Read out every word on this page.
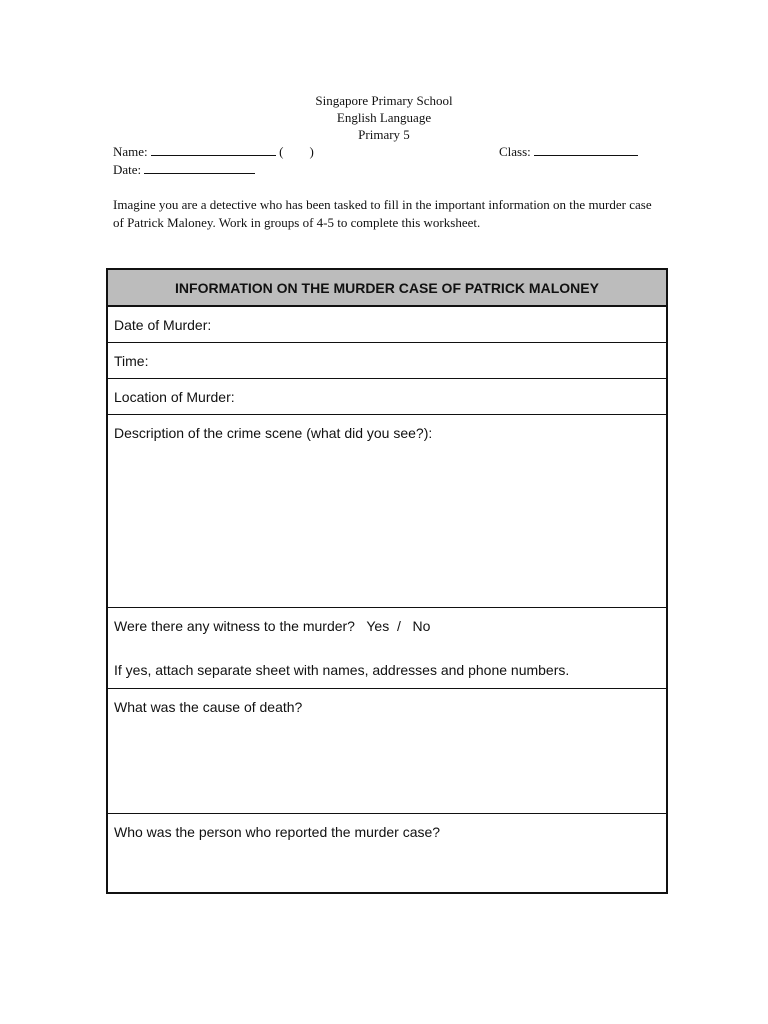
Singapore Primary School
English Language
Primary 5
Name:	(        )	Class:
Date:
Imagine you are a detective who has been tasked to fill in the important information on the murder case of Patrick Maloney. Work in groups of 4-5 to complete this worksheet.
INFORMATION ON THE MURDER CASE OF PATRICK MALONEY

Date of Murder:

Time:

Location of Murder:

Description of the crime scene (what did you see?):

Were there any witness to the murder?   Yes  /   No
If yes, attach separate sheet with names, addresses and phone numbers.

What was the cause of death?

Who was the person who reported the murder case?
